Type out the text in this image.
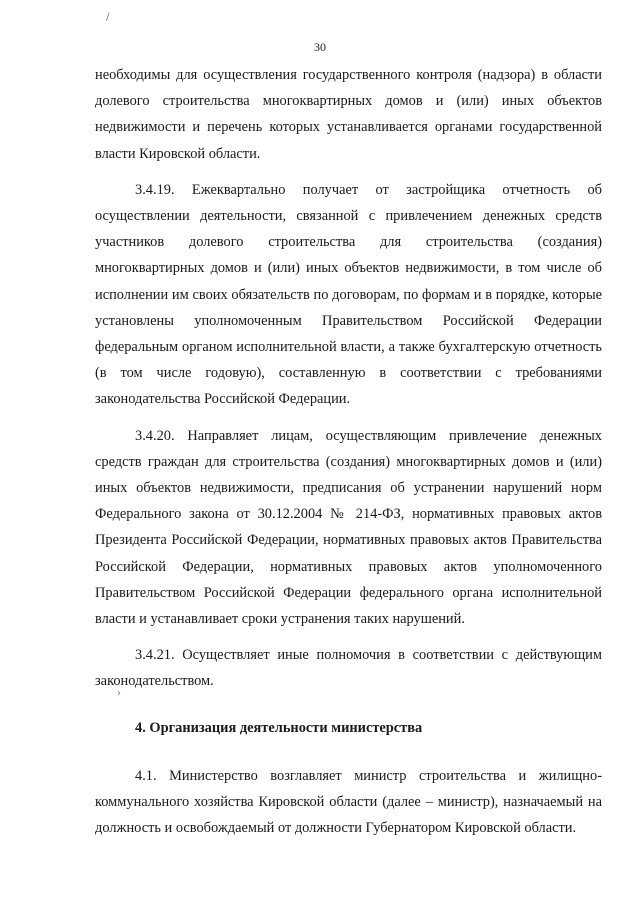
/
›
30

необходимы для осуществления государственного контроля (надзора) в области долевого строительства многоквартирных домов и (или) иных объектов недвижимости и перечень которых устанавливается органами государственной власти Кировской области.

3.4.19. Ежеквартально получает от застройщика отчетность об осуществлении деятельности, связанной с привлечением денежных средств участников долевого строительства для строительства (создания) многоквартирных домов и (или) иных объектов недвижимости, в том числе об исполнении им своих обязательств по договорам, по формам и в порядке, которые установлены уполномоченным Правительством Российской Федерации федеральным органом исполнительной власти, а также бухгалтерскую отчетность (в том числе годовую), составленную в соответствии с требованиями законодательства Российской Федерации.

3.4.20. Направляет лицам, осуществляющим привлечение денежных средств граждан для строительства (создания) многоквартирных домов и (или) иных объектов недвижимости, предписания об устранении нарушений норм Федерального закона от 30.12.2004 № 214-ФЗ, нормативных правовых актов Президента Российской Федерации, нормативных правовых актов Правительства Российской Федерации, нормативных правовых актов уполномоченного Правительством Российской Федерации федерального органа исполнительной власти и устанавливает сроки устранения таких нарушений.

3.4.21. Осуществляет иные полномочия в соответствии с действующим законодательством.

4. Организация деятельности министерства

4.1. Министерство возглавляет министр строительства и жилищно-коммунального хозяйства Кировской области (далее – министр), назначаемый на должность и освобождаемый от должности Губернатором Кировской области.
